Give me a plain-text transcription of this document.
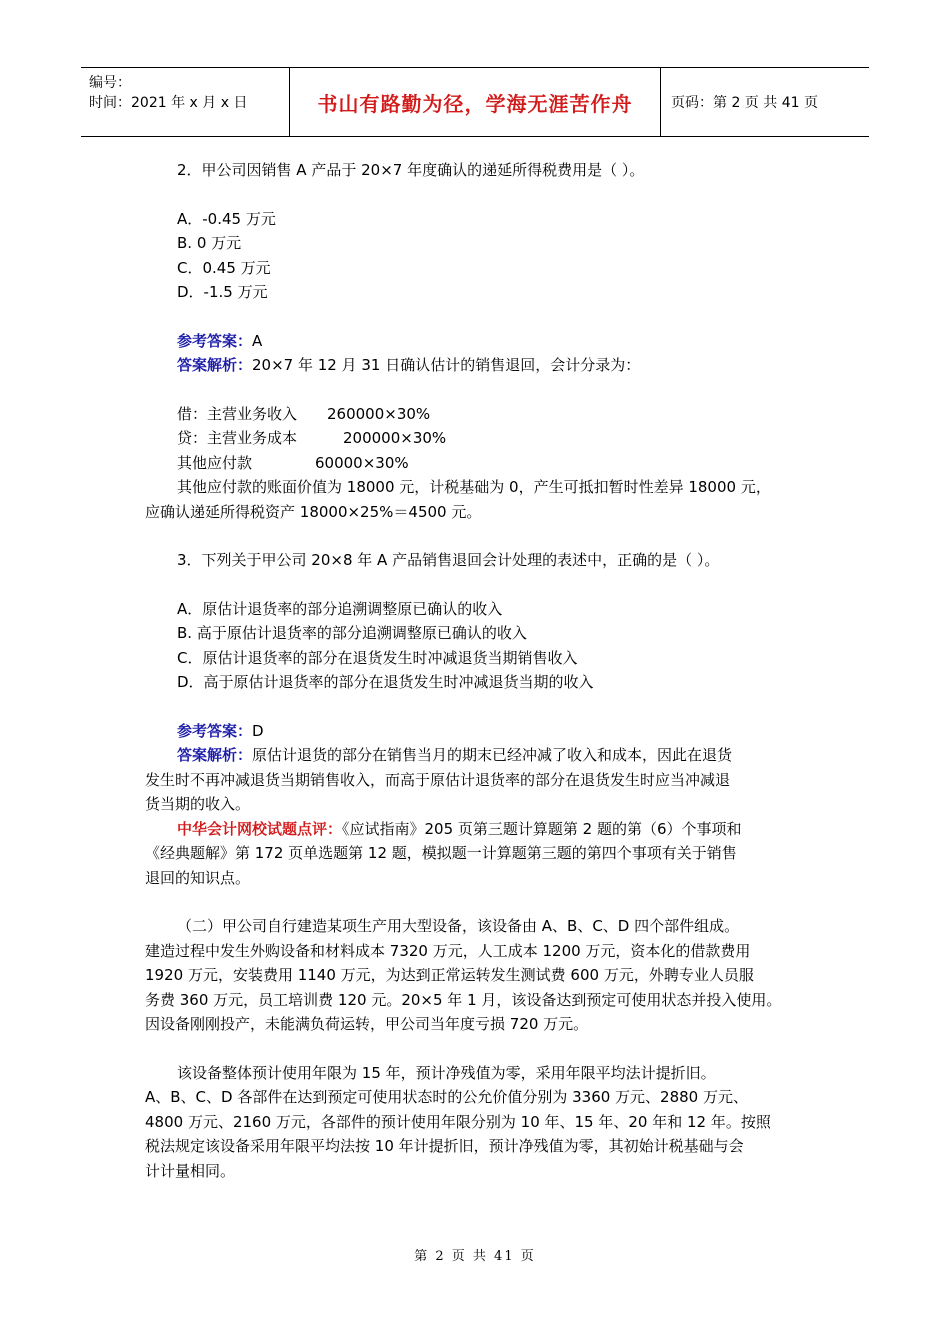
编号：
时间：2021 年 x 月 x 日	书山有路勤为径，学海无涯苦作舟	页码：第 2 页 共 41 页

2．甲公司因销售 A 产品于 20×7 年度确认的递延所得税费用是（ ）。

A．-0.45 万元

B. 0 万元

C．0.45 万元

D．-1.5 万元

参考答案：A

答案解析：20×7 年 12 月 31 日确认估计的销售退回，会计分录为：

借：主营业务收入 260000×30%

贷：主营业务成本	200000×30%

其他应付款	60000×30%

其他应付款的账面价值为 18000 元，计税基础为 0，产生可抵扣暂时性差异 18000 元，

应确认递延所得税资产 18000×25%＝4500 元。

3．下列关于甲公司 20×8 年 A 产品销售退回会计处理的表述中，正确的是（ ）。

A．原估计退货率的部分追溯调整原已确认的收入

B. 高于原估计退货率的部分追溯调整原已确认的收入

C．原估计退货率的部分在退货发生时冲减退货当期销售收入

D．高于原估计退货率的部分在退货发生时冲减退货当期的收入

参考答案：D

答案解析：原估计退货的部分在销售当月的期末已经冲减了收入和成本，因此在退货

发生时不再冲减退货当期销售收入，而高于原估计退货率的部分在退货发生时应当冲减退

货当期的收入。

中华会计网校试题点评：《应试指南》205 页第三题计算题第 2 题的第（6）个事项和

《经典题解》第 172 页单选题第 12 题，模拟题一计算题第三题的第四个事项有关于销售

退回的知识点。

（二）甲公司自行建造某项生产用大型设备，该设备由 A、B、C、D 四个部件组成。

建造过程中发生外购设备和材料成本 7320 万元，人工成本 1200 万元，资本化的借款费用

1920 万元，安装费用 1140 万元，为达到正常运转发生测试费 600 万元，外聘专业人员服

务费 360 万元，员工培训费 120 元。20×5 年 1 月，该设备达到预定可使用状态并投入使用。

因设备刚刚投产，未能满负荷运转，甲公司当年度亏损 720 万元。

该设备整体预计使用年限为 15 年，预计净残值为零，采用年限平均法计提折旧。

A、B、C、D 各部件在达到预定可使用状态时的公允价值分别为 3360 万元、2880 万元、

4800 万元、2160 万元，各部件的预计使用年限分别为 10 年、15 年、20 年和 12 年。按照

税法规定该设备采用年限平均法按 10 年计提折旧，预计净残值为零，其初始计税基础与会

计计量相同。

第 2 页 共 41 页
